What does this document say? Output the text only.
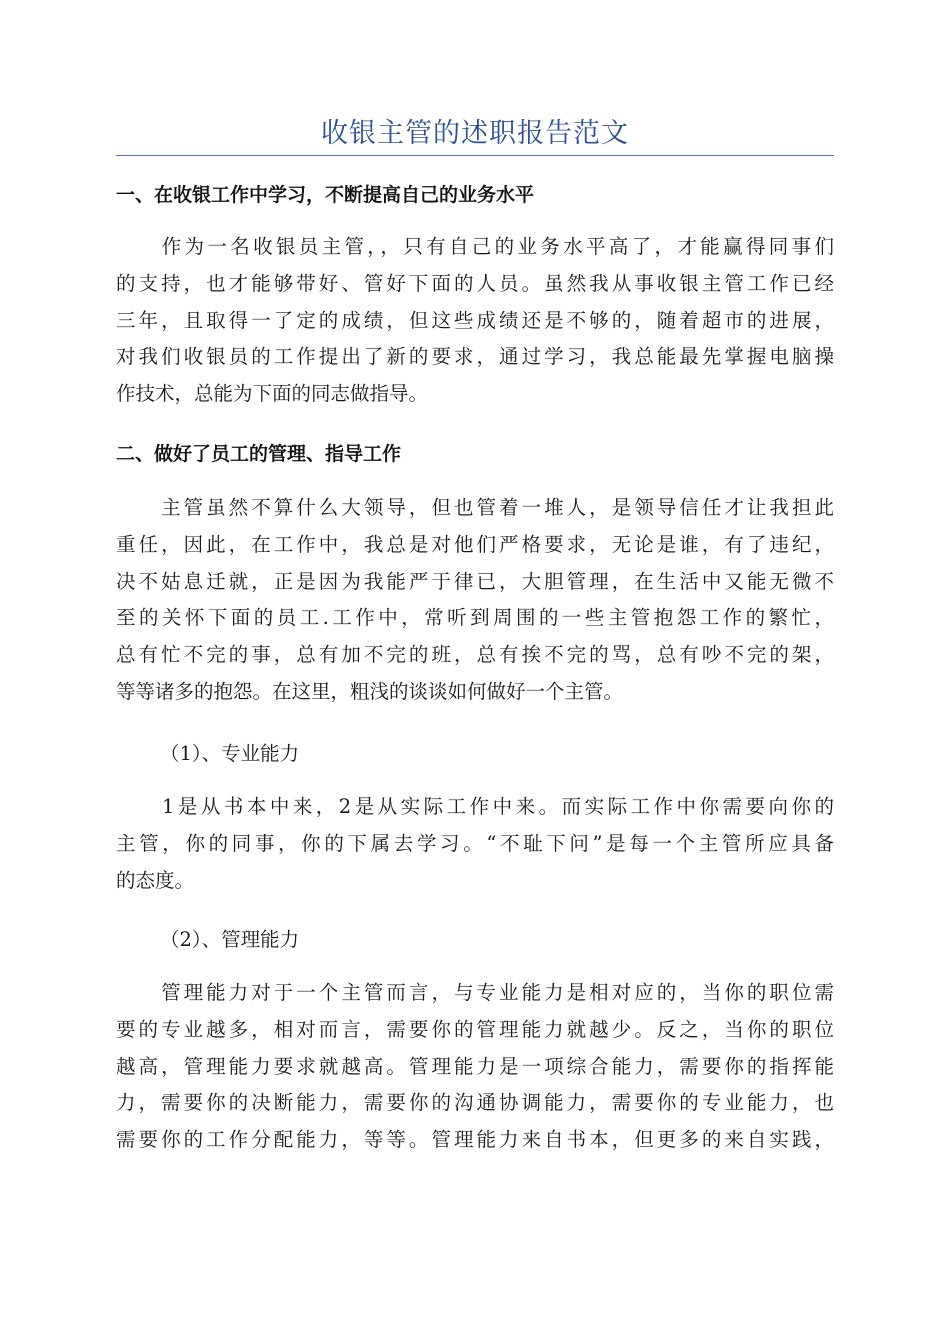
收银主管的述职报告范文
一、在收银工作中学习，不断提高自己的业务水平
　　作为一名收银员主管，，只有自己的业务水平高了，才能赢得同事们
的支持，也才能够带好、管好下面的人员。虽然我从事收银主管工作已经
三年，且取得一了定的成绩，但这些成绩还是不够的，随着超市的进展，
对我们收银员的工作提出了新的要求，通过学习，我总能最先掌握电脑操
作技术，总能为下面的同志做指导。
二、做好了员工的管理、指导工作
　　主管虽然不算什么大领导，但也管着一堆人，是领导信任才让我担此
重任，因此，在工作中，我总是对他们严格要求，无论是谁，有了违纪，
决不姑息迁就，正是因为我能严于律已，大胆管理，在生活中又能无微不
至的关怀下面的员工.工作中，常听到周围的一些主管抱怨工作的繁忙，
总有忙不完的事，总有加不完的班，总有挨不完的骂，总有吵不完的架，
等等诸多的抱怨。在这里，粗浅的谈谈如何做好一个主管。
（1）、专业能力
　　1是从书本中来，2是从实际工作中来。而实际工作中你需要向你的
主管，你的同事，你的下属去学习。“不耻下问”是每一个主管所应具备
的态度。
（2）、管理能力
　　管理能力对于一个主管而言，与专业能力是相对应的，当你的职位需
要的专业越多，相对而言，需要你的管理能力就越少。反之，当你的职位
越高，管理能力要求就越高。管理能力是一项综合能力，需要你的指挥能
力，需要你的决断能力，需要你的沟通协调能力，需要你的专业能力，也
需要你的工作分配能力，等等。管理能力来自书本，但更多的来自实践，
